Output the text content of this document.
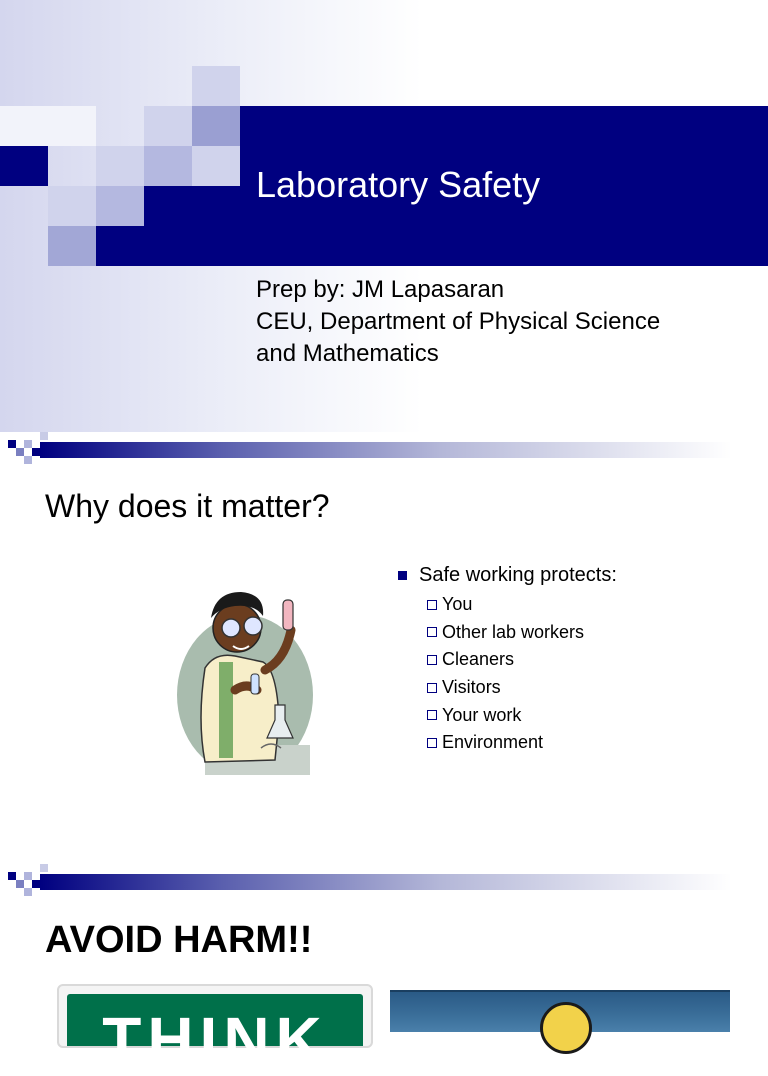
Laboratory Safety
Prep by: JM Lapasaran
CEU, Department of Physical Science
and Mathematics
Why does it matter?
Safe working protects:
You
Other lab workers
Cleaners
Visitors
Your work
Environment
AVOID HARM!!
THINK
